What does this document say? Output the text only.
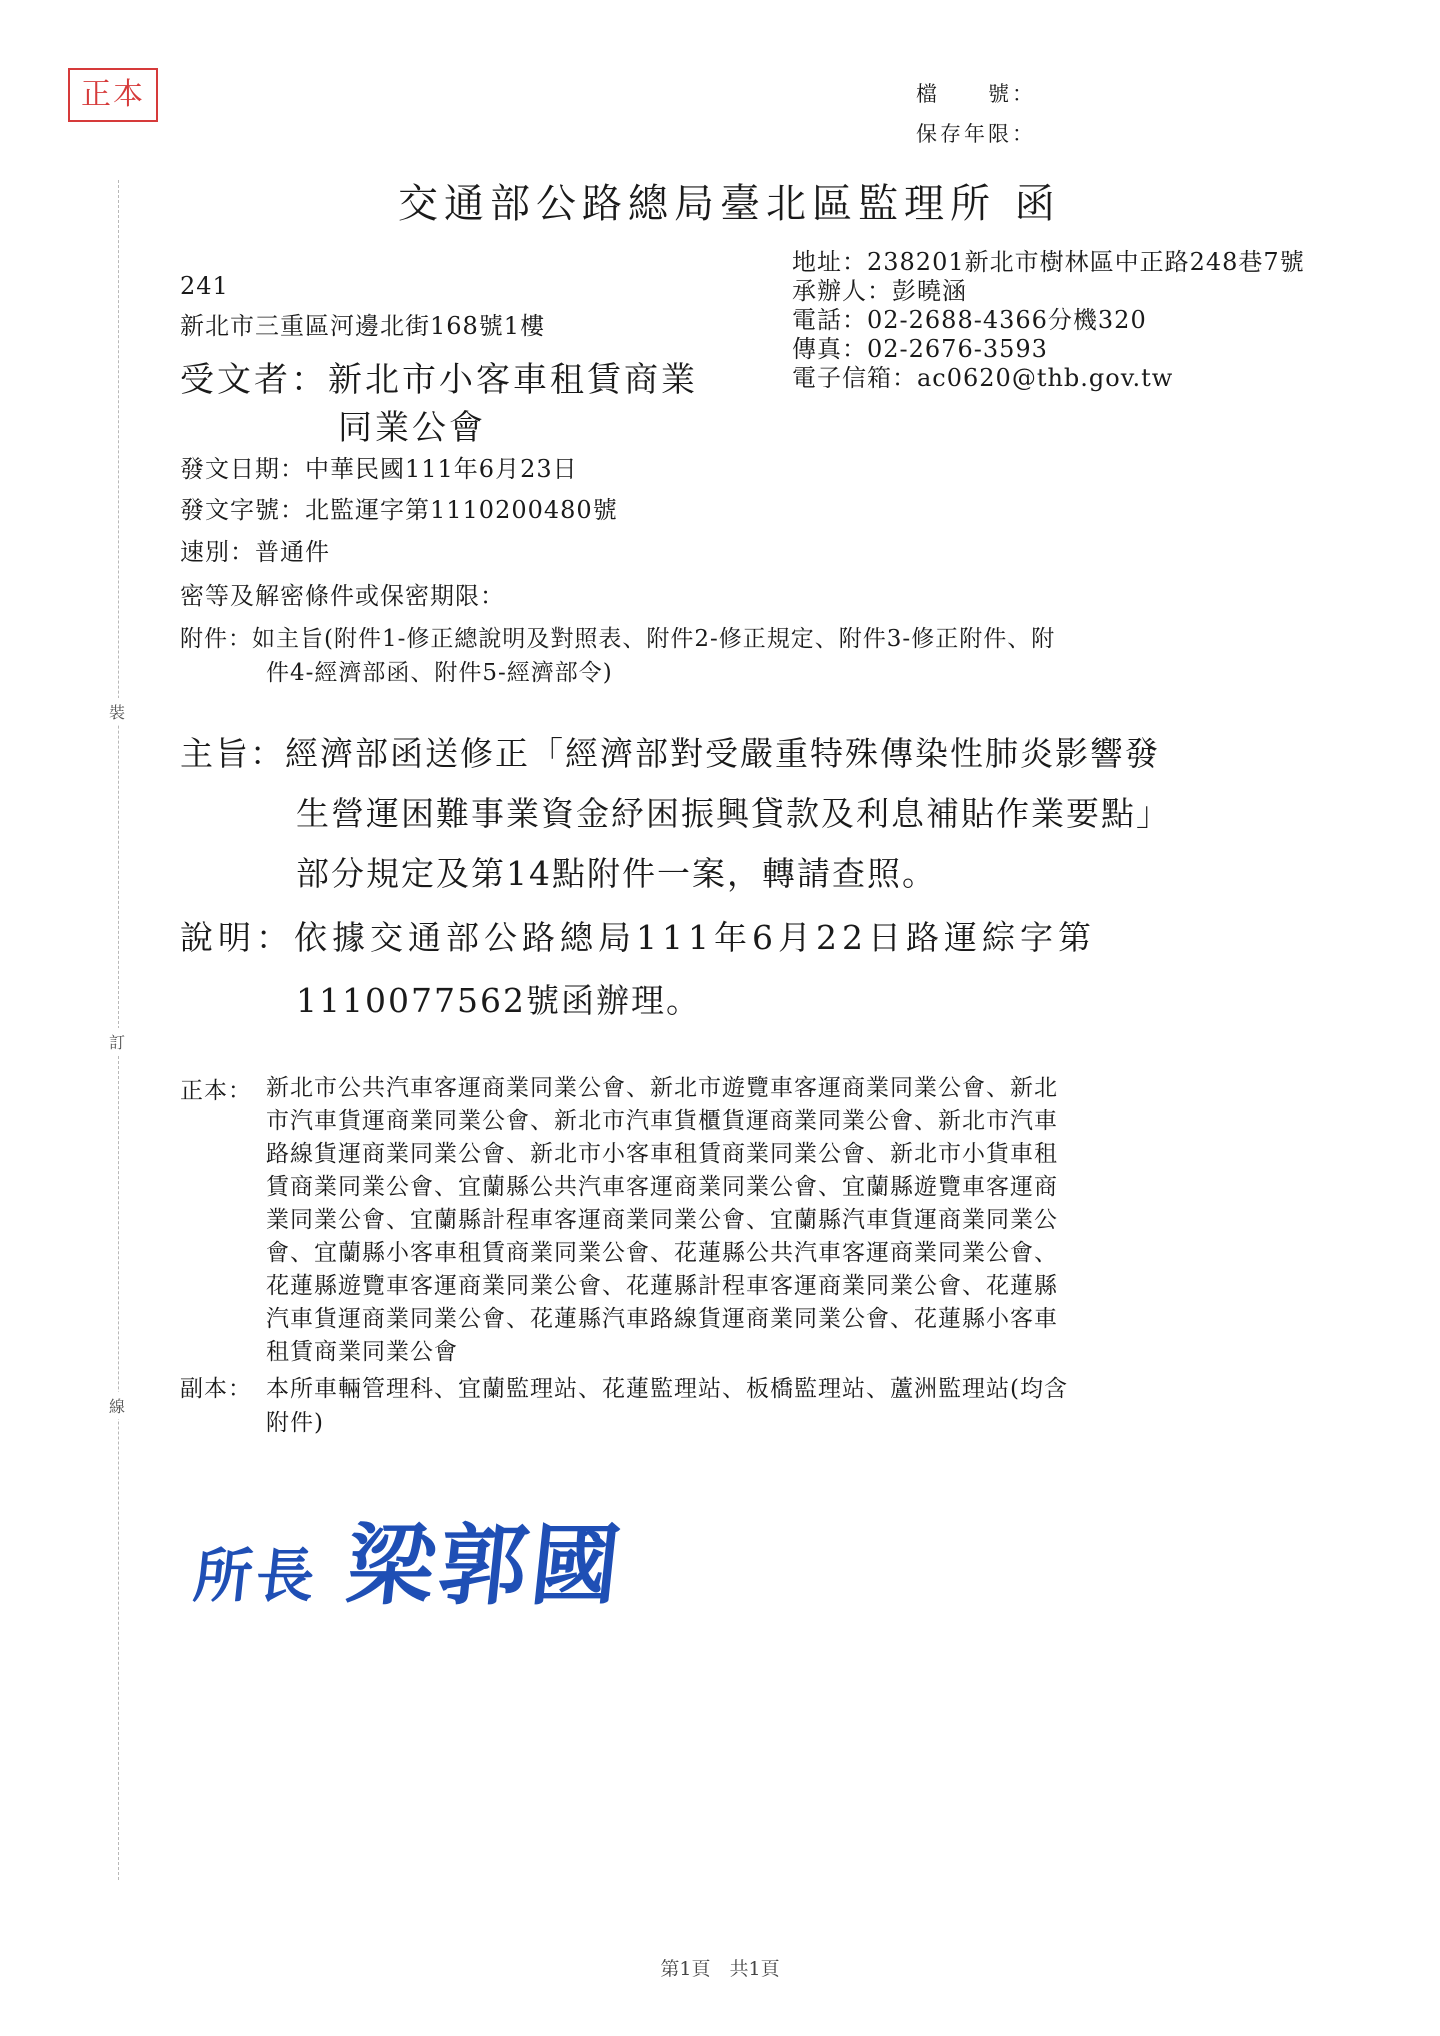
正本	檔　　號：
保存年限：
交通部公路總局臺北區監理所 函
地址：238201新北市樹林區中正路248巷7號
承辦人：彭曉涵
電話：02-2688-4366分機320
傳真：02-2676-3593
電子信箱：ac0620@thb.gov.tw
241
新北市三重區河邊北街168號1樓
受文者：新北市小客車租賃商業
同業公會
發文日期：中華民國111年6月23日
發文字號：北監運字第1110200480號
速別：普通件
密等及解密條件或保密期限：
附件：如主旨(附件1-修正總說明及對照表、附件2-修正規定、附件3-修正附件、附
件4-經濟部函、附件5-經濟部令)
主旨：經濟部函送修正「經濟部對受嚴重特殊傳染性肺炎影響發
生營運困難事業資金紓困振興貸款及利息補貼作業要點」
部分規定及第14點附件一案，轉請查照。
說明：依據交通部公路總局111年6月22日路運綜字第
1110077562號函辦理。
正本： 新北市公共汽車客運商業同業公會、新北市遊覽車客運商業同業公會、新北
市汽車貨運商業同業公會、新北市汽車貨櫃貨運商業同業公會、新北市汽車
路線貨運商業同業公會、新北市小客車租賃商業同業公會、新北市小貨車租
賃商業同業公會、宜蘭縣公共汽車客運商業同業公會、宜蘭縣遊覽車客運商
業同業公會、宜蘭縣計程車客運商業同業公會、宜蘭縣汽車貨運商業同業公
會、宜蘭縣小客車租賃商業同業公會、花蓮縣公共汽車客運商業同業公會、
花蓮縣遊覽車客運商業同業公會、花蓮縣計程車客運商業同業公會、花蓮縣
汽車貨運商業同業公會、花蓮縣汽車路線貨運商業同業公會、花蓮縣小客車
租賃商業同業公會
副本： 本所車輛管理科、宜蘭監理站、花蓮監理站、板橋監理站、蘆洲監理站(均含
附件)
所長 梁郭國
裝
訂
線
第1頁　共1頁
